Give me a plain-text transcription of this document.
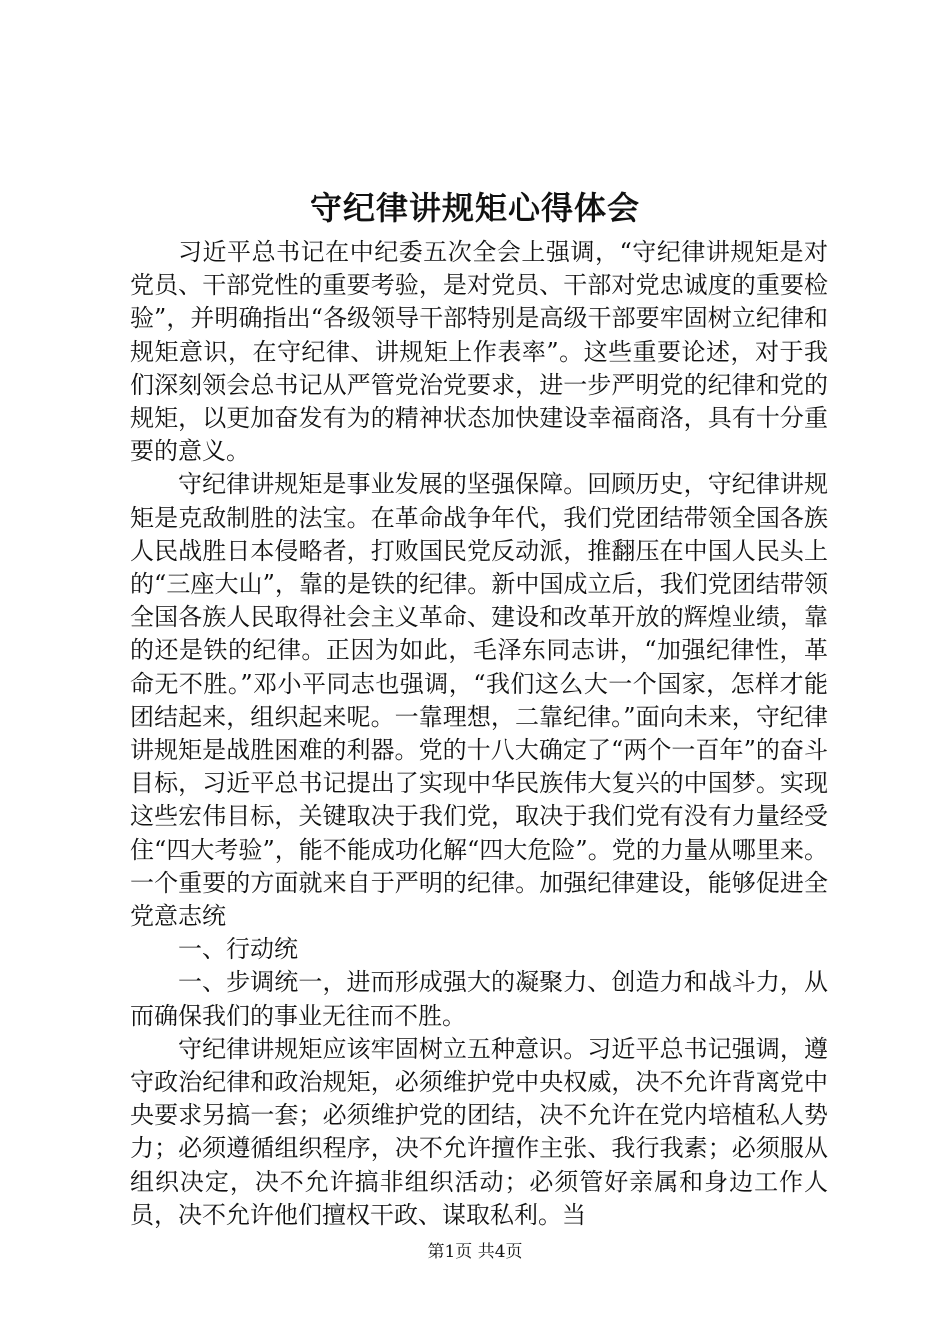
守纪律讲规矩心得体会

习近平总书记在中纪委五次全会上强调，“守纪律讲规矩是对党员、干部党性的重要考验，是对党员、干部对党忠诚度的重要检验”，并明确指出“各级领导干部特别是高级干部要牢固树立纪律和规矩意识，在守纪律、讲规矩上作表率”。这些重要论述，对于我们深刻领会总书记从严管党治党要求，进一步严明党的纪律和党的规矩，以更加奋发有为的精神状态加快建设幸福商洛，具有十分重要的意义。

守纪律讲规矩是事业发展的坚强保障。回顾历史，守纪律讲规矩是克敌制胜的法宝。在革命战争年代，我们党团结带领全国各族人民战胜日本侵略者，打败国民党反动派，推翻压在中国人民头上的“三座大山”，靠的是铁的纪律。新中国成立后，我们党团结带领全国各族人民取得社会主义革命、建设和改革开放的辉煌业绩，靠的还是铁的纪律。正因为如此，毛泽东同志讲，“加强纪律性，革命无不胜。”邓小平同志也强调，“我们这么大一个国家，怎样才能团结起来，组织起来呢。一靠理想，二靠纪律。”面向未来，守纪律讲规矩是战胜困难的利器。党的十八大确定了“两个一百年”的奋斗目标，习近平总书记提出了实现中华民族伟大复兴的中国梦。实现这些宏伟目标，关键取决于我们党，取决于我们党有没有力量经受住“四大考验”，能不能成功化解“四大危险”。党的力量从哪里来。一个重要的方面就来自于严明的纪律。加强纪律建设，能够促进全党意志统

一、行动统

一、步调统一，进而形成强大的凝聚力、创造力和战斗力，从而确保我们的事业无往而不胜。

守纪律讲规矩应该牢固树立五种意识。习近平总书记强调，遵守政治纪律和政治规矩，必须维护党中央权威，决不允许背离党中央要求另搞一套；必须维护党的团结，决不允许在党内培植私人势力；必须遵循组织程序，决不允许擅作主张、我行我素；必须服从组织决定，决不允许搞非组织活动；必须管好亲属和身边工作人员，决不允许他们擅权干政、谋取私利。当

第1页 共4页
